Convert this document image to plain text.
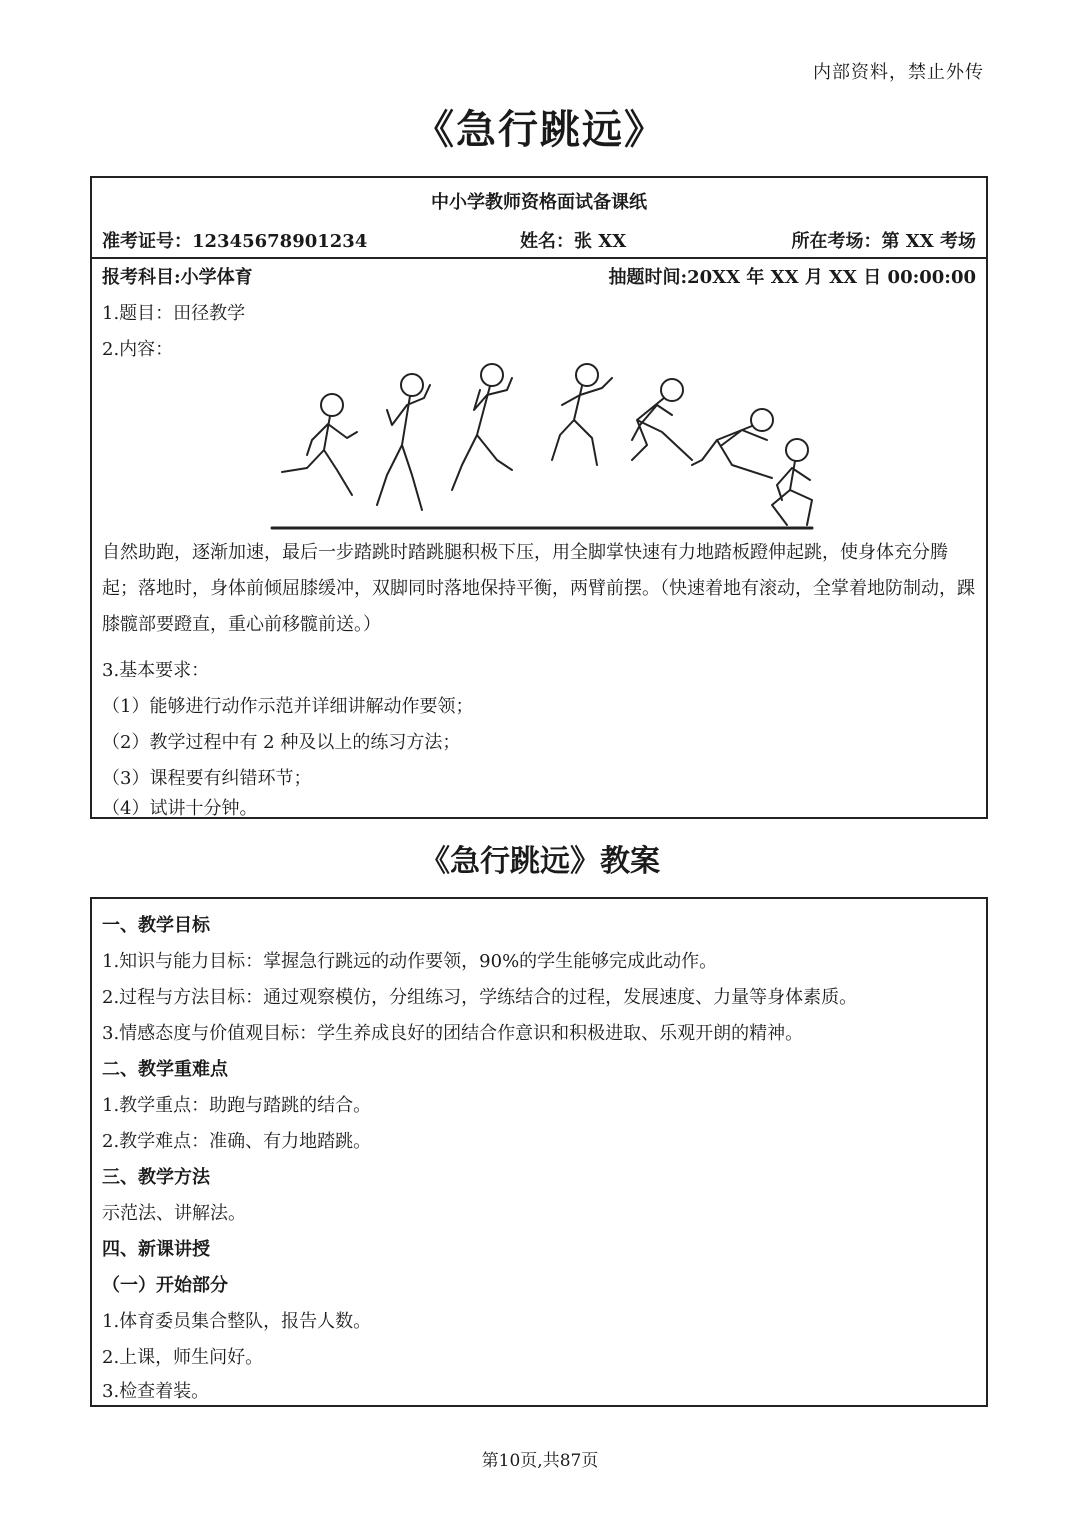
内部资料，禁止外传
《急行跳远》
中小学教师资格面试备课纸
准考证号：12345678901234	姓名：张 XX	所在考场：第 XX 考场
报考科目:小学体育	抽题时间:20XX 年 XX 月 XX 日 00:00:00
1.题目：田径教学
2.内容：
自然助跑，逐渐加速，最后一步踏跳时踏跳腿积极下压，用全脚掌快速有力地踏板蹬伸起跳，使身体充分腾起；落地时，身体前倾屈膝缓冲，双脚同时落地保持平衡，两臂前摆。（快速着地有滚动，全掌着地防制动，踝膝髋部要蹬直，重心前移髋前送。）
3.基本要求：
（1）能够进行动作示范并详细讲解动作要领；
（2）教学过程中有 2 种及以上的练习方法；
（3）课程要有纠错环节；
（4）试讲十分钟。
《急行跳远》教案
一、教学目标
1.知识与能力目标：掌握急行跳远的动作要领，90%的学生能够完成此动作。
2.过程与方法目标：通过观察模仿，分组练习，学练结合的过程，发展速度、力量等身体素质。
3.情感态度与价值观目标：学生养成良好的团结合作意识和积极进取、乐观开朗的精神。
二、教学重难点
1.教学重点：助跑与踏跳的结合。
2.教学难点：准确、有力地踏跳。
三、教学方法
示范法、讲解法。
四、新课讲授
（一）开始部分
1.体育委员集合整队，报告人数。
2.上课，师生问好。
3.检查着装。
第10页,共87页
